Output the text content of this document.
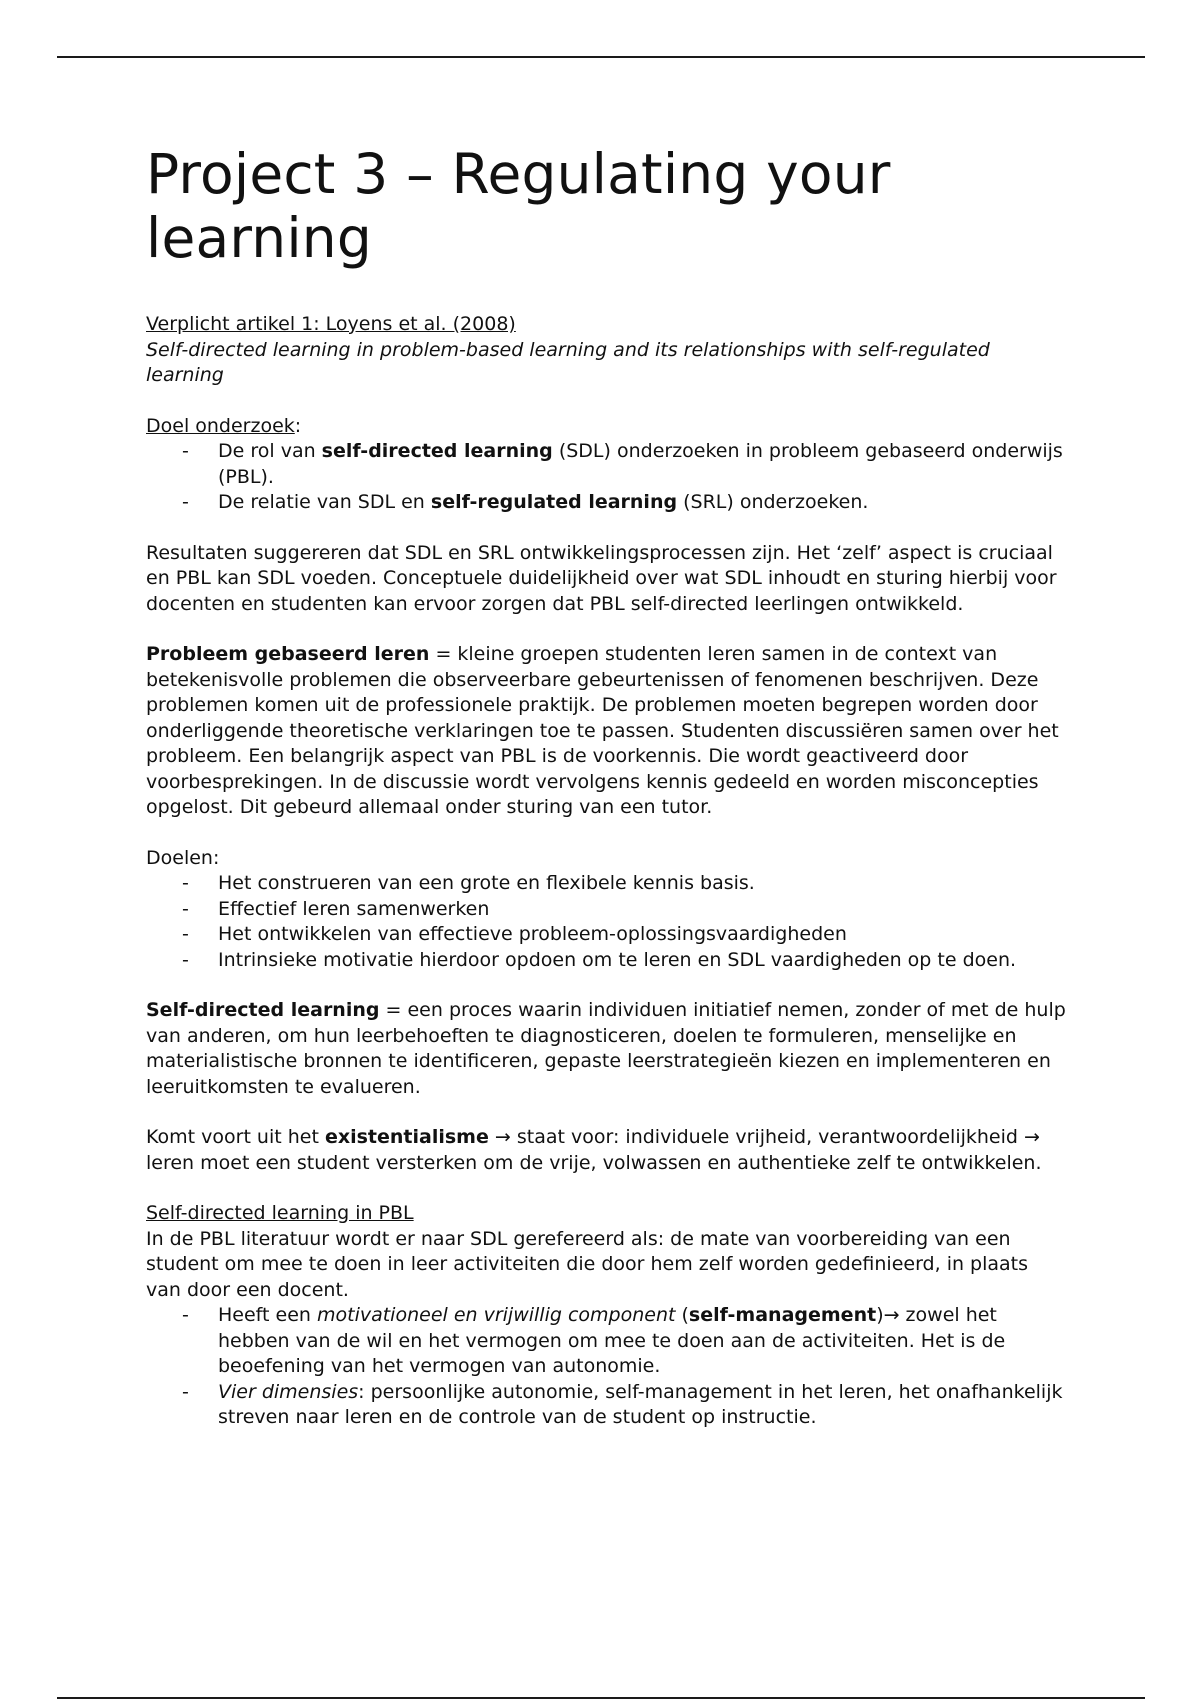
Project 3 – Regulating your learning

Verplicht artikel 1: Loyens et al. (2008)

Self-directed learning in problem-based learning and its relationships with self-regulated learning

Doel onderzoek:

- De rol van self-directed learning (SDL) onderzoeken in probleem gebaseerd onderwijs (PBL).
- De relatie van SDL en self-regulated learning (SRL) onderzoeken.

Resultaten suggereren dat SDL en SRL ontwikkelingsprocessen zijn. Het ‘zelf’ aspect is cruciaal en PBL kan SDL voeden. Conceptuele duidelijkheid over wat SDL inhoudt en sturing hierbij voor docenten en studenten kan ervoor zorgen dat PBL self-directed leerlingen ontwikkeld.

Probleem gebaseerd leren = kleine groepen studenten leren samen in de context van betekenisvolle problemen die observeerbare gebeurtenissen of fenomenen beschrijven. Deze problemen komen uit de professionele praktijk. De problemen moeten begrepen worden door onderliggende theoretische verklaringen toe te passen. Studenten discussiëren samen over het probleem. Een belangrijk aspect van PBL is de voorkennis. Die wordt geactiveerd door voorbesprekingen. In de discussie wordt vervolgens kennis gedeeld en worden misconcepties opgelost. Dit gebeurd allemaal onder sturing van een tutor.

Doelen:

- Het construeren van een grote en flexibele kennis basis.
- Effectief leren samenwerken
- Het ontwikkelen van effectieve probleem-oplossingsvaardigheden
- Intrinsieke motivatie hierdoor opdoen om te leren en SDL vaardigheden op te doen.

Self-directed learning = een proces waarin individuen initiatief nemen, zonder of met de hulp van anderen, om hun leerbehoeften te diagnosticeren, doelen te formuleren, menselijke en materialistische bronnen te identificeren, gepaste leerstrategieën kiezen en implementeren en leeruitkomsten te evalueren.

Komt voort uit het existentialisme → staat voor: individuele vrijheid, verantwoordelijkheid → leren moet een student versterken om de vrije, volwassen en authentieke zelf te ontwikkelen.

Self-directed learning in PBL

In de PBL literatuur wordt er naar SDL gerefereerd als: de mate van voorbereiding van een student om mee te doen in leer activiteiten die door hem zelf worden gedefinieerd, in plaats van door een docent.

- Heeft een motivationeel en vrijwillig component (self-management)→ zowel het hebben van de wil en het vermogen om mee te doen aan de activiteiten. Het is de beoefening van het vermogen van autonomie.
- Vier dimensies: persoonlijke autonomie, self-management in het leren, het onafhankelijk streven naar leren en de controle van de student op instructie.
